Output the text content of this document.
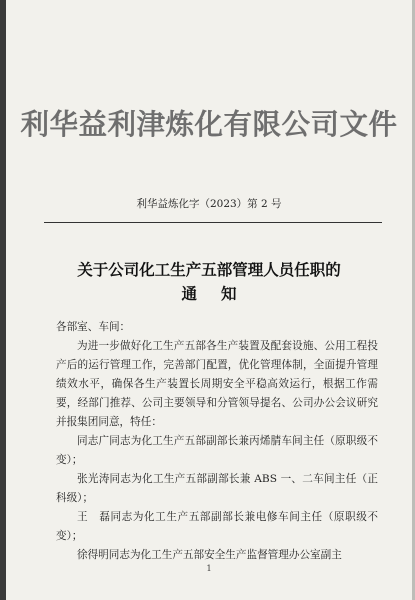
利华益利津炼化有限公司文件
利华益炼化字（2023）第 2 号
关于公司化工生产五部管理人员任职的
通知

各部室、车间：

为进一步做好化工生产五部各生产装置及配套设施、公用工程投产后的运行管理工作，完善部门配置，优化管理体制，全面提升管理绩效水平，确保各生产装置长周期安全平稳高效运行，根据工作需要，经部门推荐、公司主要领导和分管领导提名、公司办公会议研究并报集团同意，特任：

同志广同志为化工生产五部副部长兼丙烯腈车间主任（原职级不变）；

张光涛同志为化工生产五部副部长兼 ABS 一、二车间主任（正科级）；

王　磊同志为化工生产五部副部长兼电修车间主任（原职级不变）；

徐得明同志为化工生产五部安全生产监督管理办公室副主

1
